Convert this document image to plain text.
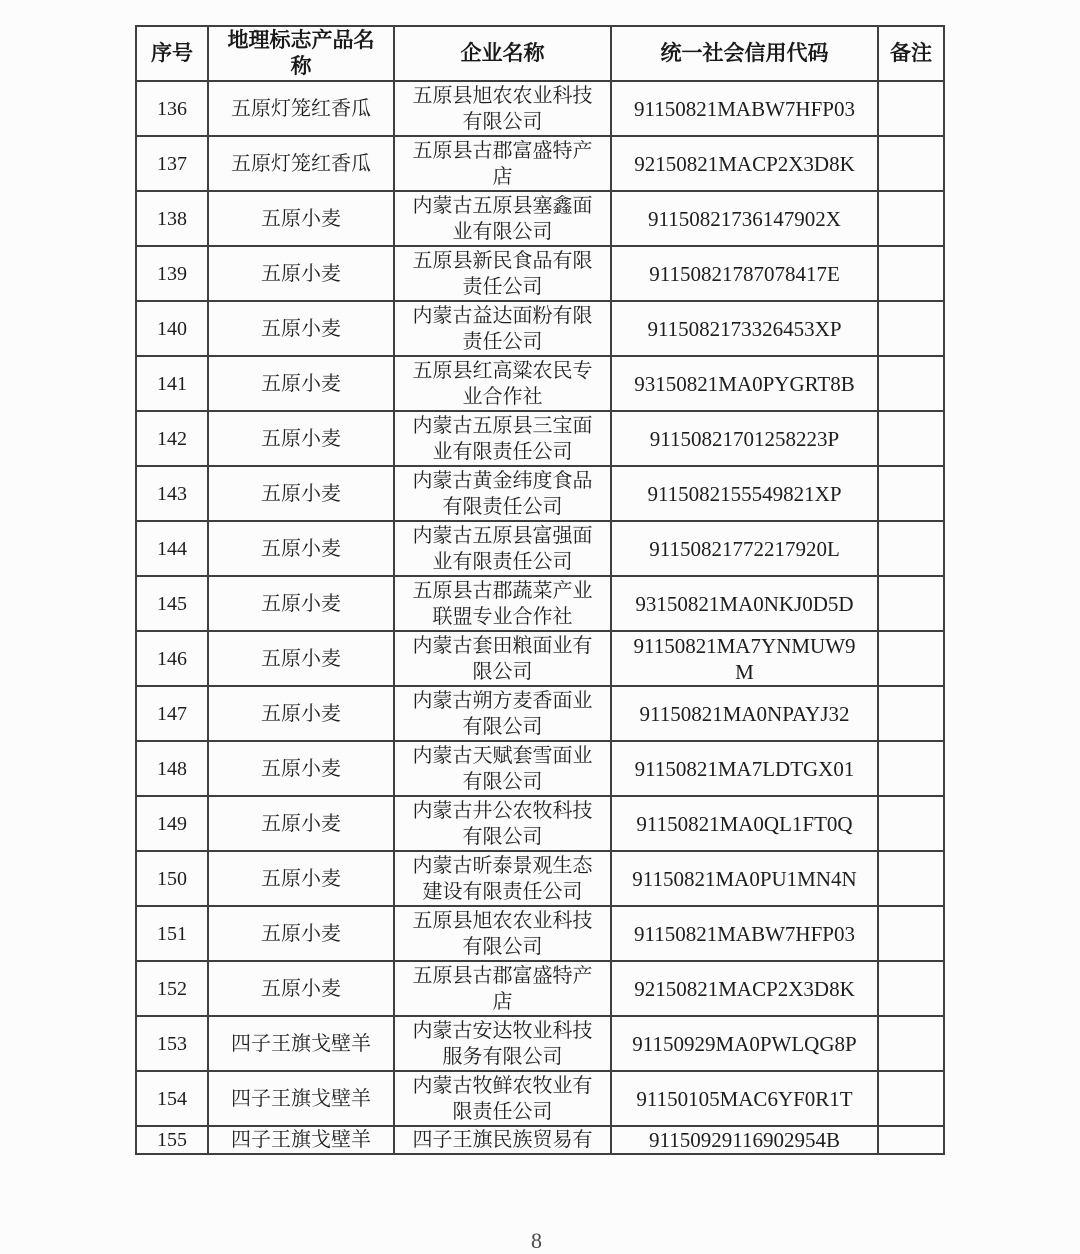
序号	地理标志产品名称	企业名称	统一社会信用代码	备注
136	五原灯笼红香瓜	五原县旭农农业科技有限公司	91150821MABW7HFP03	
137	五原灯笼红香瓜	五原县古郡富盛特产店	92150821MACP2X3D8K	
138	五原小麦	内蒙古五原县塞鑫面业有限公司	91150821736147902X	
139	五原小麦	五原县新民食品有限责任公司	91150821787078417E	
140	五原小麦	内蒙古益达面粉有限责任公司	9115082173326453XP	
141	五原小麦	五原县红高粱农民专业合作社	93150821MA0PYGRT8B	
142	五原小麦	内蒙古五原县三宝面业有限责任公司	91150821701258223P	
143	五原小麦	内蒙古黄金纬度食品有限责任公司	9115082155549821XP	
144	五原小麦	内蒙古五原县富强面业有限责任公司	91150821772217920L	
145	五原小麦	五原县古郡蔬菜产业联盟专业合作社	93150821MA0NKJ0D5D	
146	五原小麦	内蒙古套田粮面业有限公司	91150821MA7YNMUW9M	
147	五原小麦	内蒙古朔方麦香面业有限公司	91150821MA0NPAYJ32	
148	五原小麦	内蒙古天赋套雪面业有限公司	91150821MA7LDTGX01	
149	五原小麦	内蒙古井公农牧科技有限公司	91150821MA0QL1FT0Q	
150	五原小麦	内蒙古昕泰景观生态建设有限责任公司	91150821MA0PU1MN4N	
151	五原小麦	五原县旭农农业科技有限公司	91150821MABW7HFP03	
152	五原小麦	五原县古郡富盛特产店	92150821MACP2X3D8K	
153	四子王旗戈壁羊	内蒙古安达牧业科技服务有限公司	91150929MA0PWLQG8P	
154	四子王旗戈壁羊	内蒙古牧鲜农牧业有限责任公司	91150105MAC6YF0R1T	
155	四子王旗戈壁羊	四子王旗民族贸易有	91150929116902954B	
8
